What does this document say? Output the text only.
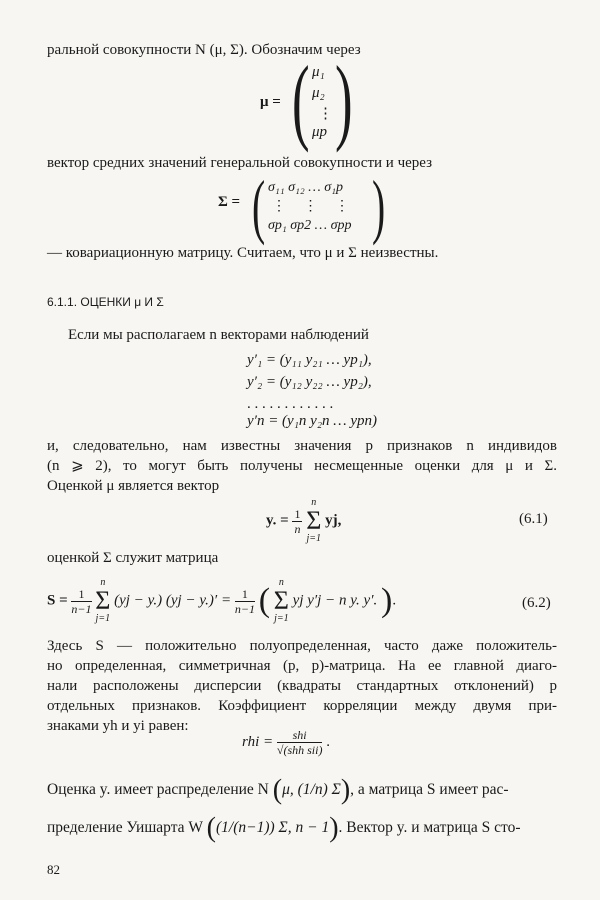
ральной совокупности N (μ, Σ). Обозначим через
μ = ( μ₁
μ₂
⋮
μp )
вектор средних значений генеральной совокупности и через
Σ = ( σ₁₁ σ₁₂ … σ₁p
⋮ ⋮ ⋮
σp₁ σp2 … σpp )
— ковариационную матрицу. Считаем, что μ и Σ неизвестны.
6.1.1. ОЦЕНКИ μ И Σ
Если мы располагаем n векторами наблюдений
y′₁ = (y₁₁ y₂₁ … yp₁),
y′₂ = (y₁₂ y₂₂ … yp₂),
. . . . . . . . . . . .
y′n = (y₁n y₂n … ypn)
и, следовательно, нам известны значения p признаков n индивидов
(n ⩾ 2), то могут быть получены несмещенные оценки для μ и Σ.
Оценкой μ является вектор
y. = $\frac{1}{n}$

n
Σ
j=1
yj,	(6.1)
оценкой Σ служит матрица
$S = \frac{1}{n-1}$

n
Σ
j=1
(yj − y.) $(yj - y.)' = \frac{1}{n-1}$ ( n
Σ
j=1
yj y′j − n y. y′. ).	(6.2)
Здесь S — положительно полуопределенная, часто даже положитель-
но определенная, симметричная (p, p)-матрица. На ее главной диаго-
нали расположены дисперсии (квадраты стандартных отклонений) p
отдельных признаков. Коэффициент корреляции между двумя при-
знаками yh и yi равен:
rhi = $\frac{\text{shi}}{\text{√(shh sii)}}$ .
Оценка y. имеет распределение N (μ, (1/n) Σ), а матрица S имеет рас-
пределение Уишарта W ((1/(n−1)) Σ, n − 1). Вектор y. и матрица S сто-
82
